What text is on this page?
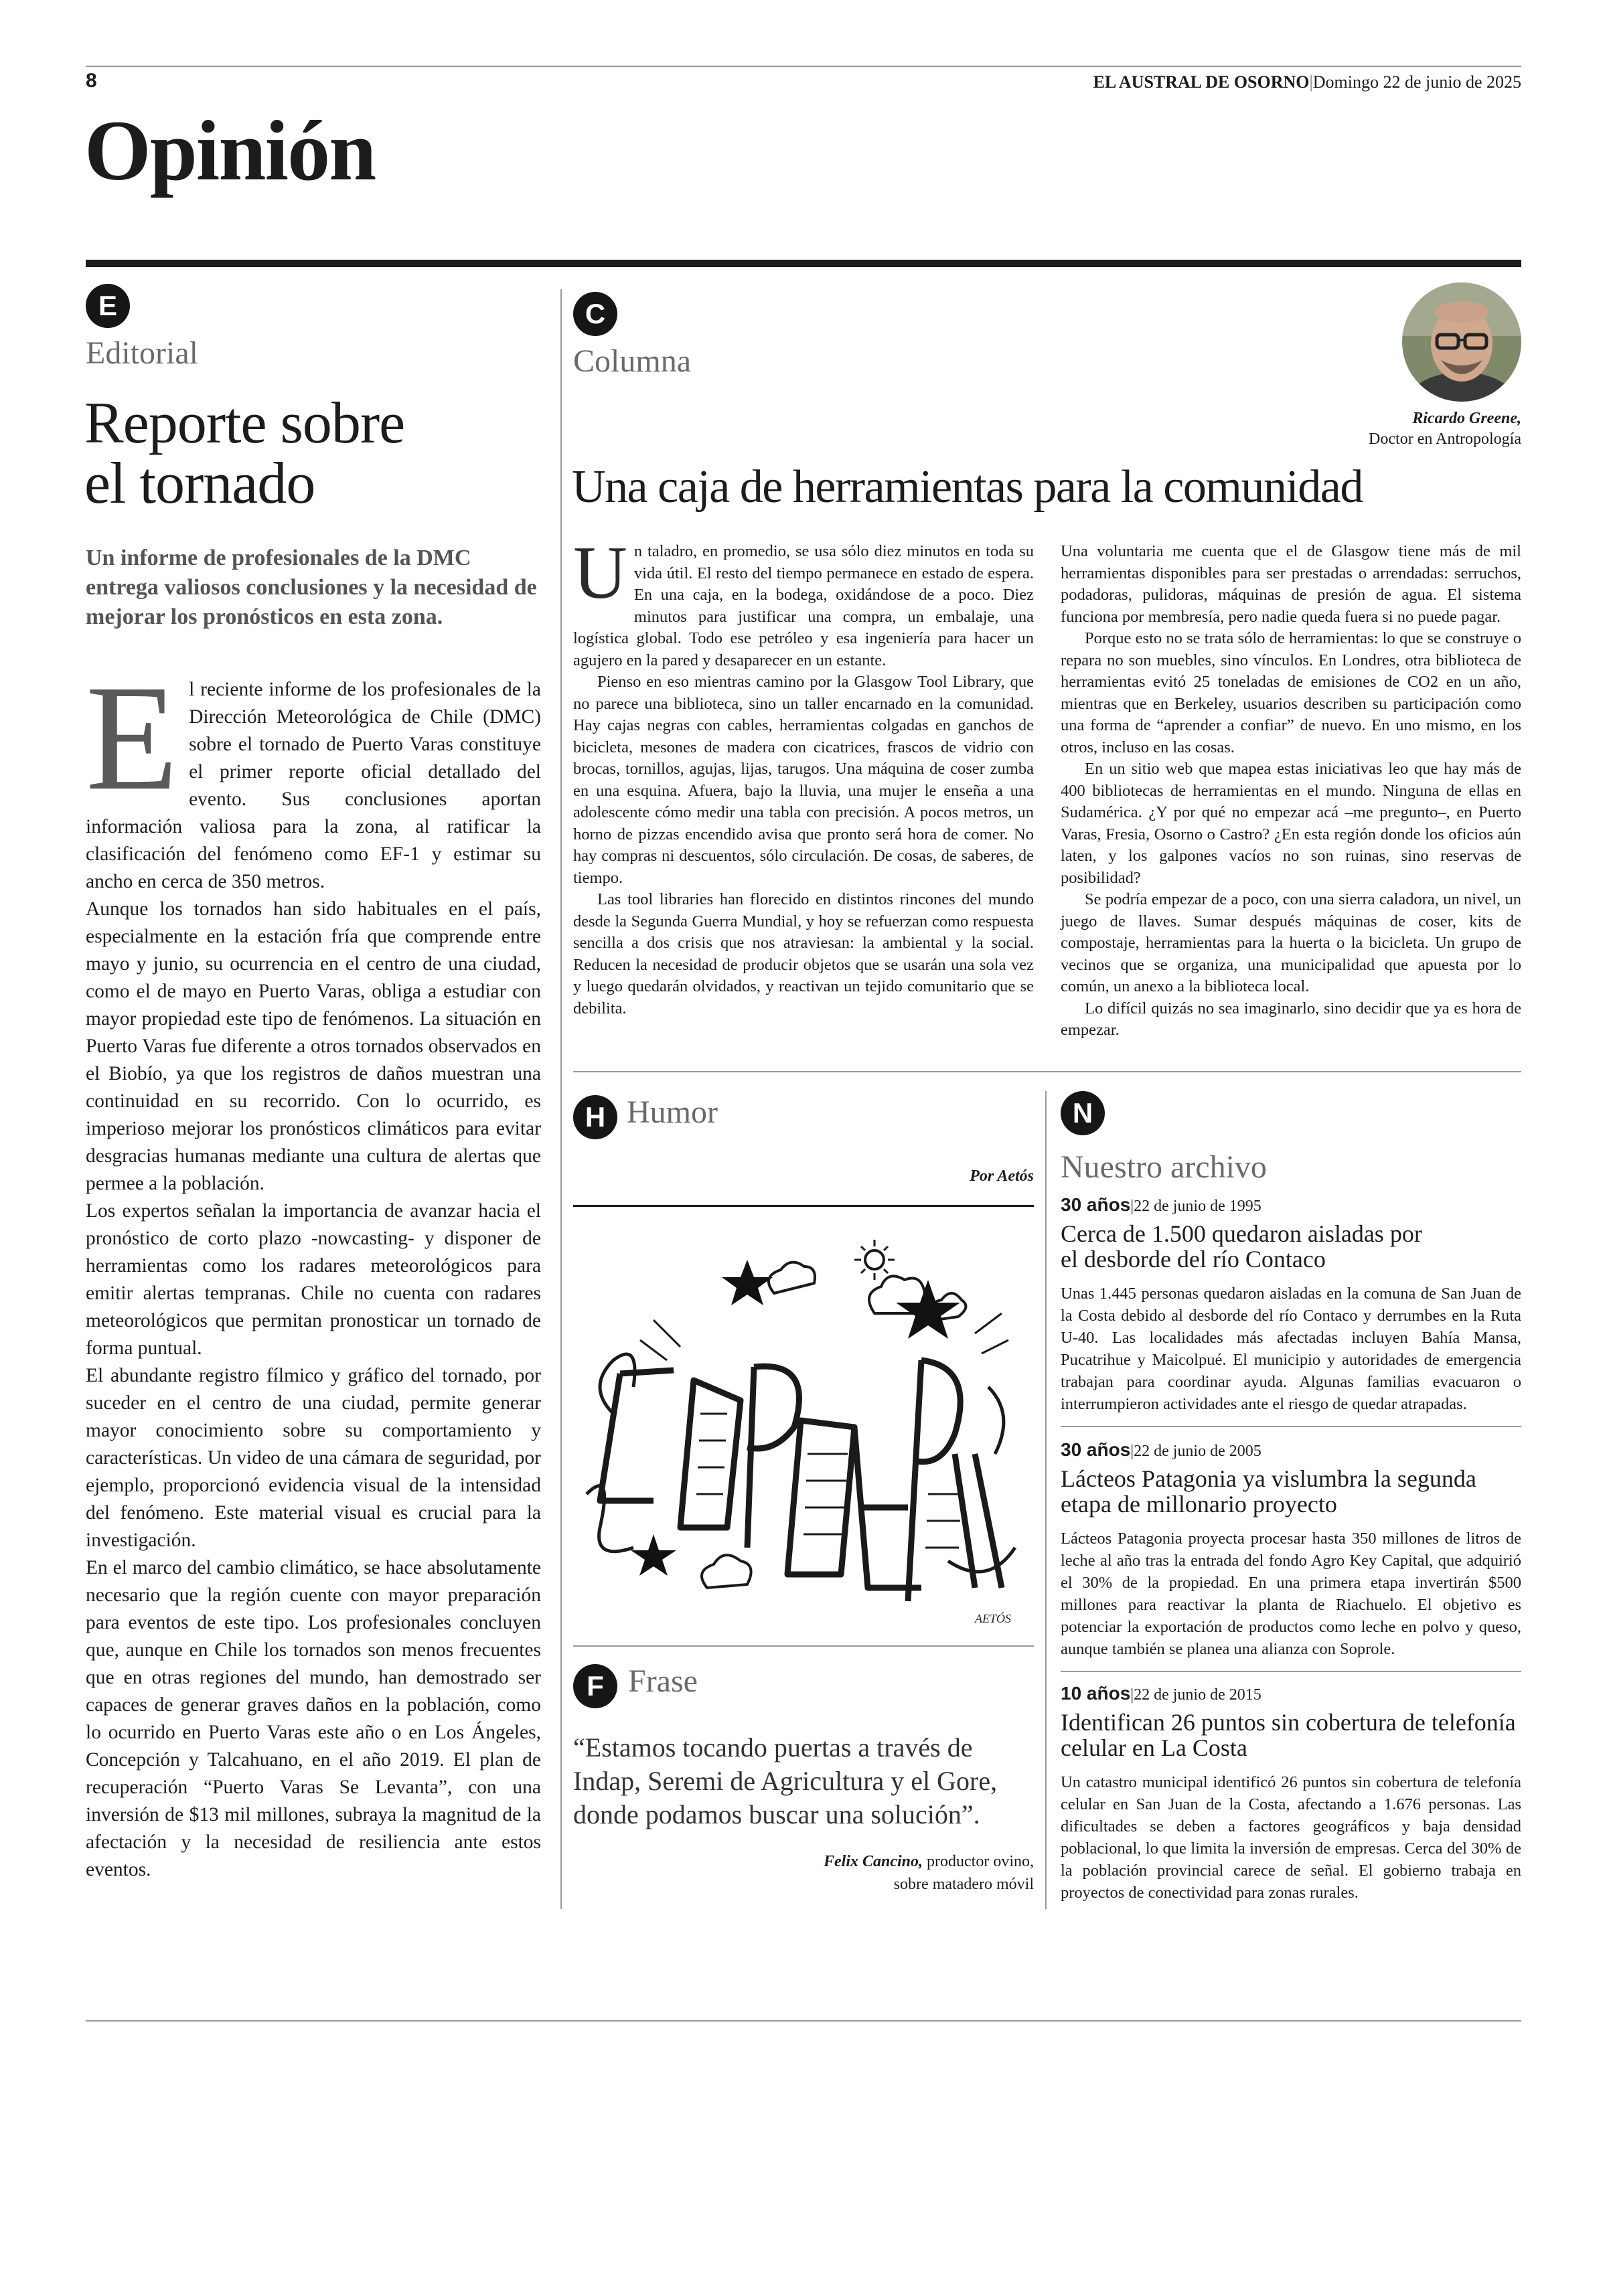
8	EL AUSTRAL DE OSORNO|Domingo 22 de junio de 2025
Opinión
E
Editorial
Reporte sobre
el tornado
Un informe de profesionales de la DMC entrega valiosos conclusiones y la necesidad de mejorar los pronósticos en esta zona.
E l reciente informe de los profesionales de la Dirección Meteorológica de Chile (DMC) sobre el tornado de Puerto Varas constituye el primer reporte oficial detallado del evento. Sus conclusiones aportan información valiosa para la zona, al ratificar la clasificación del fenómeno como EF-1 y estimar su ancho en cerca de 350 metros.

Aunque los tornados han sido habituales en el país, especialmente en la estación fría que comprende entre mayo y junio, su ocurrencia en el centro de una ciudad, como el de mayo en Puerto Varas, obliga a estudiar con mayor propiedad este tipo de fenómenos. La situación en Puerto Varas fue diferente a otros tornados observados en el Biobío, ya que los registros de daños muestran una continuidad en su recorrido. Con lo ocurrido, es imperioso mejorar los pronósticos climáticos para evitar desgracias humanas mediante una cultura de alertas que permee a la población.

Los expertos señalan la importancia de avanzar hacia el pronóstico de corto plazo -nowcasting- y disponer de herramientas como los radares meteorológicos para emitir alertas tempranas. Chile no cuenta con radares meteorológicos que permitan pronosticar un tornado de forma puntual.

El abundante registro fílmico y gráfico del tornado, por suceder en el centro de una ciudad, permite generar mayor conocimiento sobre su comportamiento y características. Un video de una cámara de seguridad, por ejemplo, proporcionó evidencia visual de la intensidad del fenómeno. Este material visual es crucial para la investigación.

En el marco del cambio climático, se hace absolutamente necesario que la región cuente con mayor preparación para eventos de este tipo. Los profesionales concluyen que, aunque en Chile los tornados son menos frecuentes que en otras regiones del mundo, han demostrado ser capaces de generar graves daños en la población, como lo ocurrido en Puerto Varas este año o en Los Ángeles, Concepción y Talcahuano, en el año 2019. El plan de recuperación “Puerto Varas Se Levanta”, con una inversión de $13 mil millones, subraya la magnitud de la afectación y la necesidad de resiliencia ante estos eventos.

C
Columna
Ricardo Greene,
Doctor en Antropología
Una caja de herramientas para la comunidad
U n taladro, en promedio, se usa sólo diez minutos en toda su vida útil. El resto del tiempo permanece en estado de espera. En una caja, en la bodega, oxidándose de a poco. Diez minutos para justificar una compra, un embalaje, una logística global. Todo ese petróleo y esa ingeniería para hacer un agujero en la pared y desaparecer en un estante.

Pienso en eso mientras camino por la Glasgow Tool Library, que no parece una biblioteca, sino un taller encarnado en la comunidad. Hay cajas negras con cables, herramientas colgadas en ganchos de bicicleta, mesones de madera con cicatrices, frascos de vidrio con brocas, tornillos, agujas, lijas, tarugos. Una máquina de coser zumba en una esquina. Afuera, bajo la lluvia, una mujer le enseña a una adolescente cómo medir una tabla con precisión. A pocos metros, un horno de pizzas encendido avisa que pronto será hora de comer. No hay compras ni descuentos, sólo circulación. De cosas, de saberes, de tiempo.

Las tool libraries han florecido en distintos rincones del mundo desde la Segunda Guerra Mundial, y hoy se refuerzan como respuesta sencilla a dos crisis que nos atraviesan: la ambiental y la social. Reducen la necesidad de producir objetos que se usarán una sola vez y luego quedarán olvidados, y reactivan un tejido comunitario que se debilita.

Una voluntaria me cuenta que el de Glasgow tiene más de mil herramientas disponibles para ser prestadas o arrendadas: serruchos, podadoras, pulidoras, máquinas de presión de agua. El sistema funciona por membresía, pero nadie queda fuera si no puede pagar.

Porque esto no se trata sólo de herramientas: lo que se construye o repara no son muebles, sino vínculos. En Londres, otra biblioteca de herramientas evitó 25 toneladas de emisiones de CO2 en un año, mientras que en Berkeley, usuarios describen su participación como una forma de “aprender a confiar” de nuevo. En uno mismo, en los otros, incluso en las cosas.

En un sitio web que mapea estas iniciativas leo que hay más de 400 bibliotecas de herramientas en el mundo. Ninguna de ellas en Sudamérica. ¿Y por qué no empezar acá –me pregunto–, en Puerto Varas, Fresia, Osorno o Castro? ¿En esta región donde los oficios aún laten, y los galpones vacíos no son ruinas, sino reservas de posibilidad?

Se podría empezar de a poco, con una sierra caladora, un nivel, un juego de llaves. Sumar después máquinas de coser, kits de compostaje, herramientas para la huerta o la bicicleta. Un grupo de vecinos que se organiza, una municipalidad que apuesta por lo común, un anexo a la biblioteca local.

Lo difícil quizás no sea imaginarlo, sino decidir que ya es hora de empezar.

H Humor
Por Aetós
AETÓS
F Frase
“Estamos tocando puertas a través de Indap, Seremi de Agricultura y el Gore, donde podamos buscar una solución”.
Felix Cancino, productor ovino,
sobre matadero móvil
N
Nuestro archivo

30 años|22 de junio de 1995

Cerca de 1.500 quedaron aisladas por el desborde del río Contaco

Unas 1.445 personas quedaron aisladas en la comuna de San Juan de la Costa debido al desborde del río Contaco y derrumbes en la Ruta U-40. Las localidades más afectadas incluyen Bahía Mansa, Pucatrihue y Maicolpué. El municipio y autoridades de emergencia trabajan para coordinar ayuda. Algunas familias evacuaron o interrumpieron actividades ante el riesgo de quedar atrapadas.

30 años|22 de junio de 2005

Lácteos Patagonia ya vislumbra la segunda etapa de millonario proyecto

Lácteos Patagonia proyecta procesar hasta 350 millones de litros de leche al año tras la entrada del fondo Agro Key Capital, que adquirió el 30% de la propiedad. En una primera etapa invertirán $500 millones para reactivar la planta de Riachuelo. El objetivo es potenciar la exportación de productos como leche en polvo y queso, aunque también se planea una alianza con Soprole.

10 años|22 de junio de 2015

Identifican 26 puntos sin cobertura de telefonía celular en La Costa

Un catastro municipal identificó 26 puntos sin cobertura de telefonía celular en San Juan de la Costa, afectando a 1.676 personas. Las dificultades se deben a factores geográficos y baja densidad poblacional, lo que limita la inversión de empresas. Cerca del 30% de la población provincial carece de señal. El gobierno trabaja en proyectos de conectividad para zonas rurales.
